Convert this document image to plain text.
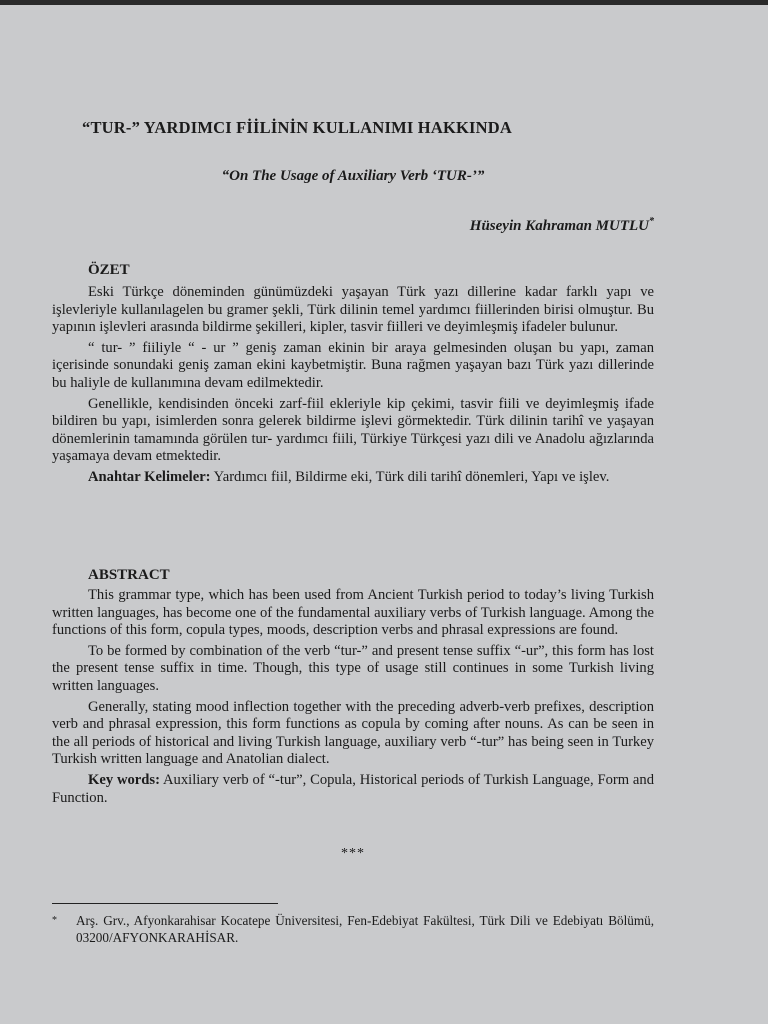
“TUR-” YARDIMCI FİİLİNİN KULLANIMI HAKKINDA
“On The Usage of Auxiliary Verb ‘TUR-’”
Hüseyin Kahraman MUTLU*
ÖZET

Eski Türkçe döneminden günümüzdeki yaşayan Türk yazı dillerine kadar farklı yapı ve işlevleriyle kullanılagelen bu gramer şekli, Türk dilinin temel yardımcı fiillerinden birisi olmuştur. Bu yapının işlevleri arasında bildirme şekilleri, kipler, tasvir fiilleri ve deyimleşmiş ifadeler bulunur.

“ tur- ” fiiliyle “ - ur ” geniş zaman ekinin bir araya gelmesinden oluşan bu yapı, zaman içerisinde sonundaki geniş zaman ekini kaybetmiştir. Buna rağmen yaşayan bazı Türk yazı dillerinde bu haliyle de kullanımına devam edilmektedir.

Genellikle, kendisinden önceki zarf-fiil ekleriyle kip çekimi, tasvir fiili ve deyimleşmiş ifade bildiren bu yapı, isimlerden sonra gelerek bildirme işlevi görmektedir. Türk dilinin tarihî ve yaşayan dönemlerinin tamamında görülen tur- yardımcı fiili, Türkiye Türkçesi yazı dili ve Anadolu ağızlarında yaşamaya devam etmektedir.

Anahtar Kelimeler: Yardımcı fiil, Bildirme eki, Türk dili tarihî dönemleri, Yapı ve işlev.

ABSTRACT

This grammar type, which has been used from Ancient Turkish period to today’s living Turkish written languages, has become one of the fundamental auxiliary verbs of Turkish language. Among the functions of this form, copula types, moods, description verbs and phrasal expressions are found.

To be formed by combination of the verb “tur-” and present tense suffix “-ur”, this form has lost the present tense suffix in time. Though, this type of usage still continues in some Turkish living written languages.

Generally, stating mood inflection together with the preceding adverb-verb prefixes, description verb and phrasal expression, this form functions as copula by coming after nouns. As can be seen in the all periods of historical and living Turkish language, auxiliary verb “-tur” has being seen in Turkey Turkish written language and Anatolian dialect.

Key words: Auxiliary verb of “-tur”, Copula, Historical periods of Turkish Language, Form and Function.

***
* Arş. Grv., Afyonkarahisar Kocatepe Üniversitesi, Fen-Edebiyat Fakültesi, Türk Dili ve Edebiyatı Bölümü, 03200/AFYONKARAHİSAR.
